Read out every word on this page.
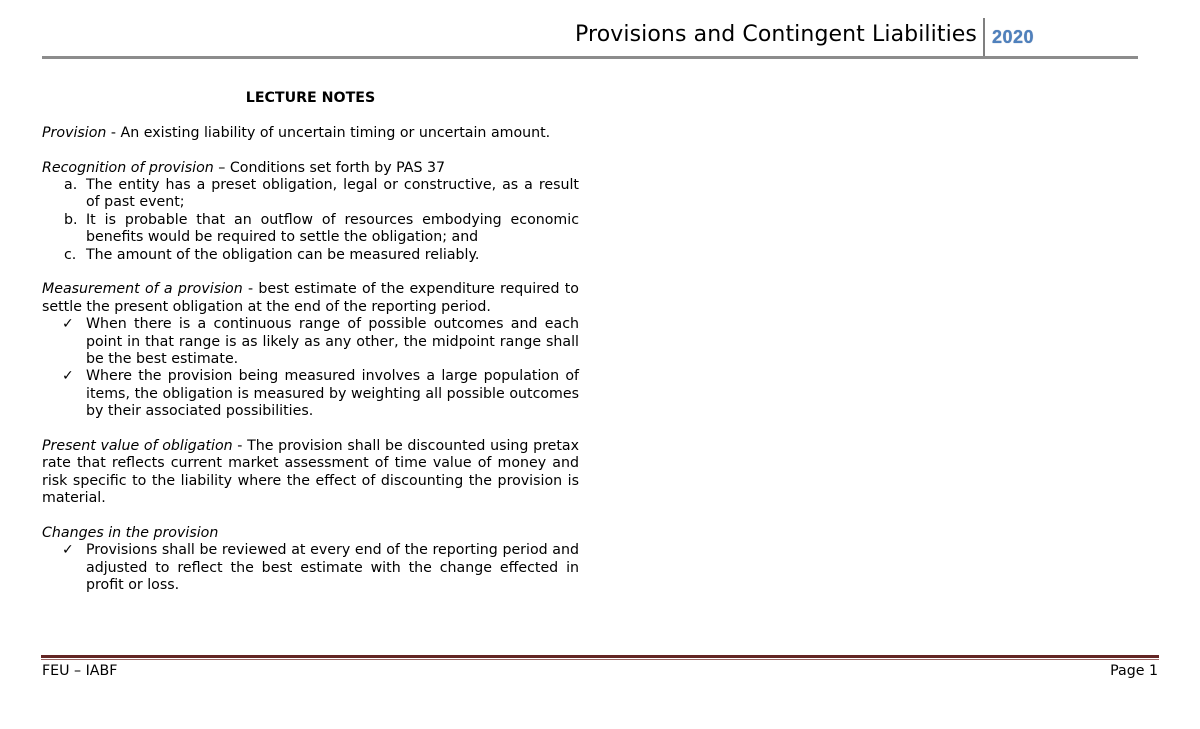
Provisions and Contingent Liabilities 2020
LECTURE NOTES

Provision - An existing liability of uncertain timing or uncertain amount.

Recognition of provision – Conditions set forth by PAS 37

a. The entity has a preset obligation, legal or constructive, as a result of past event;
b. It is probable that an outflow of resources embodying economic benefits would be required to settle the obligation; and
c. The amount of the obligation can be measured reliably.

Measurement of a provision - best estimate of the expenditure required to settle the present obligation at the end of the reporting period.

✓ When there is a continuous range of possible outcomes and each point in that range is as likely as any other, the midpoint range shall be the best estimate.
✓ Where the provision being measured involves a large population of items, the obligation is measured by weighting all possible outcomes by their associated possibilities.

Present value of obligation - The provision shall be discounted using pretax rate that reflects current market assessment of time value of money and risk specific to the liability where the effect of discounting the provision is material.

Changes in the provision

✓ Provisions shall be reviewed at every end of the reporting period and adjusted to reflect the best estimate with the change effected in profit or loss.
FEU – IABF	Page 1
